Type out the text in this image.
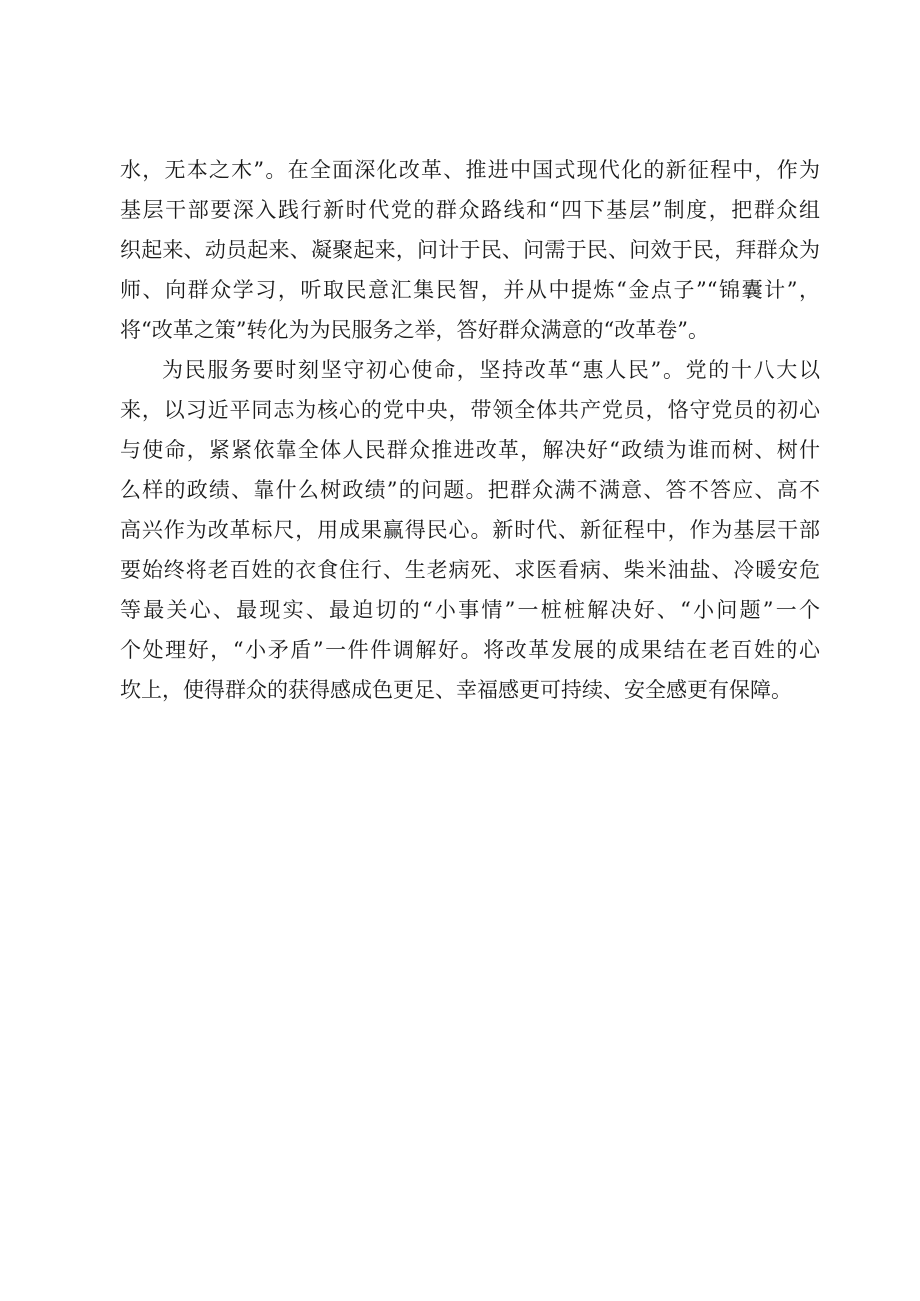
水，无本之木”。在全面深化改革、推进中国式现代化的新征程中，作为
基层干部要深入践行新时代党的群众路线和“四下基层”制度，把群众组
织起来、动员起来、凝聚起来，问计于民、问需于民、问效于民，拜群众为
师、向群众学习，听取民意汇集民智，并从中提炼“金点子”“锦囊计”，
将“改革之策”转化为为民服务之举，答好群众满意的“改革卷”。
为民服务要时刻坚守初心使命，坚持改革“惠人民”。党的十八大以
来，以习近平同志为核心的党中央，带领全体共产党员，恪守党员的初心
与使命，紧紧依靠全体人民群众推进改革，解决好“政绩为谁而树、树什
么样的政绩、靠什么树政绩”的问题。把群众满不满意、答不答应、高不
高兴作为改革标尺，用成果赢得民心。新时代、新征程中，作为基层干部
要始终将老百姓的衣食住行、生老病死、求医看病、柴米油盐、冷暖安危
等最关心、最现实、最迫切的“小事情”一桩桩解决好、“小问题”一个
个处理好，“小矛盾”一件件调解好。将改革发展的成果结在老百姓的心
坎上，使得群众的获得感成色更足、幸福感更可持续、安全感更有保障。
